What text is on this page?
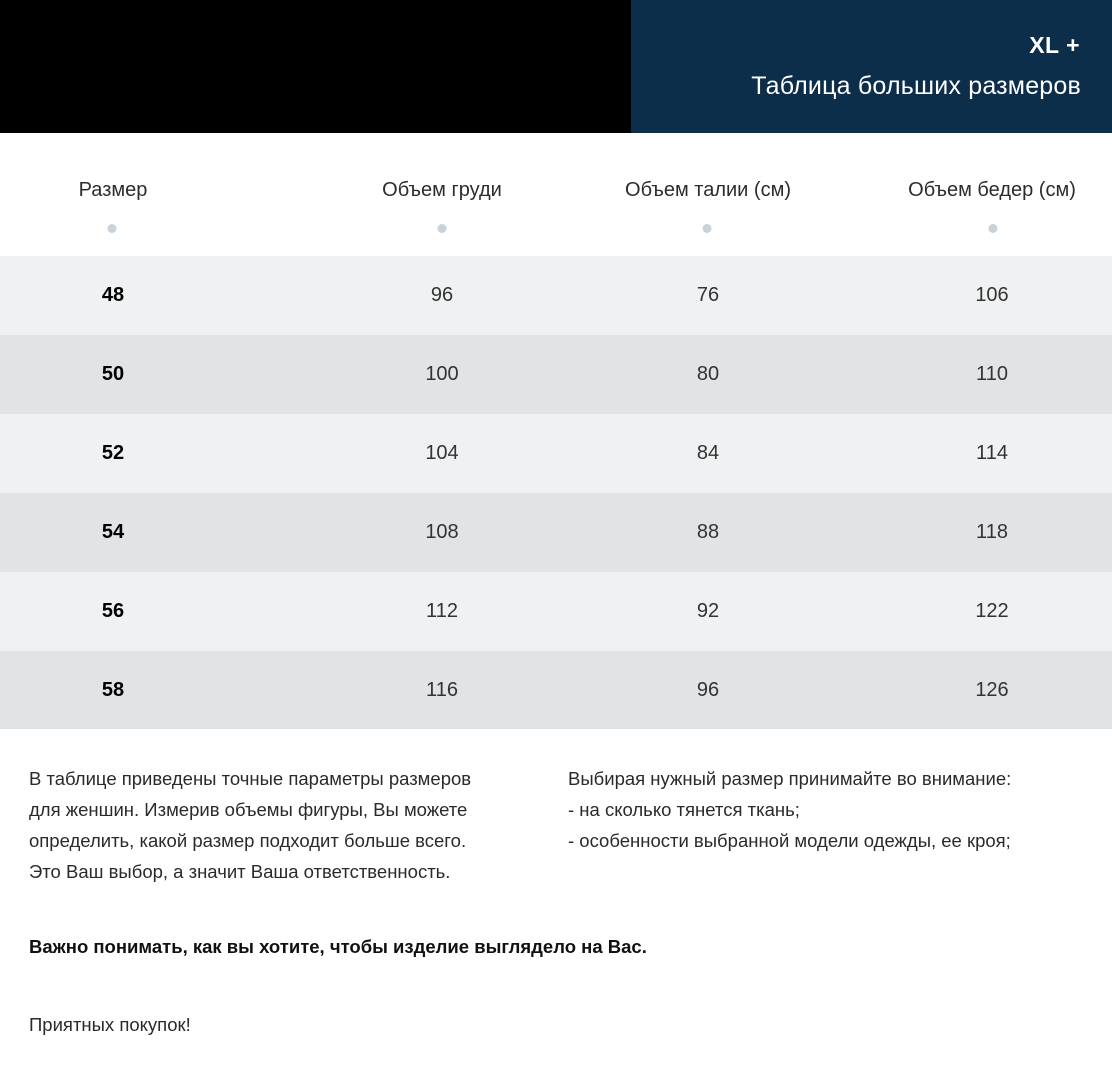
XL +
Таблица больших размеров
Размер	Объем груди	Объем талии (см)	Объем бедер (см)
48	96	76	106
50	100	80	110
52	104	84	114
54	108	88	118
56	112	92	122
58	116	96	126
В таблице приведены точные параметры размеров
для женшин. Измерив объемы фигуры, Вы можете
определить, какой размер подходит больше всего.
Это Ваш выбор, а значит Ваша ответственность.
Выбирая нужный размер принимайте во внимание:
- на сколько тянется ткань;
- особенности выбранной модели одежды, ее кроя;
Важно понимать, как вы хотите, чтобы изделие выглядело на Вас.
Приятных покупок!
